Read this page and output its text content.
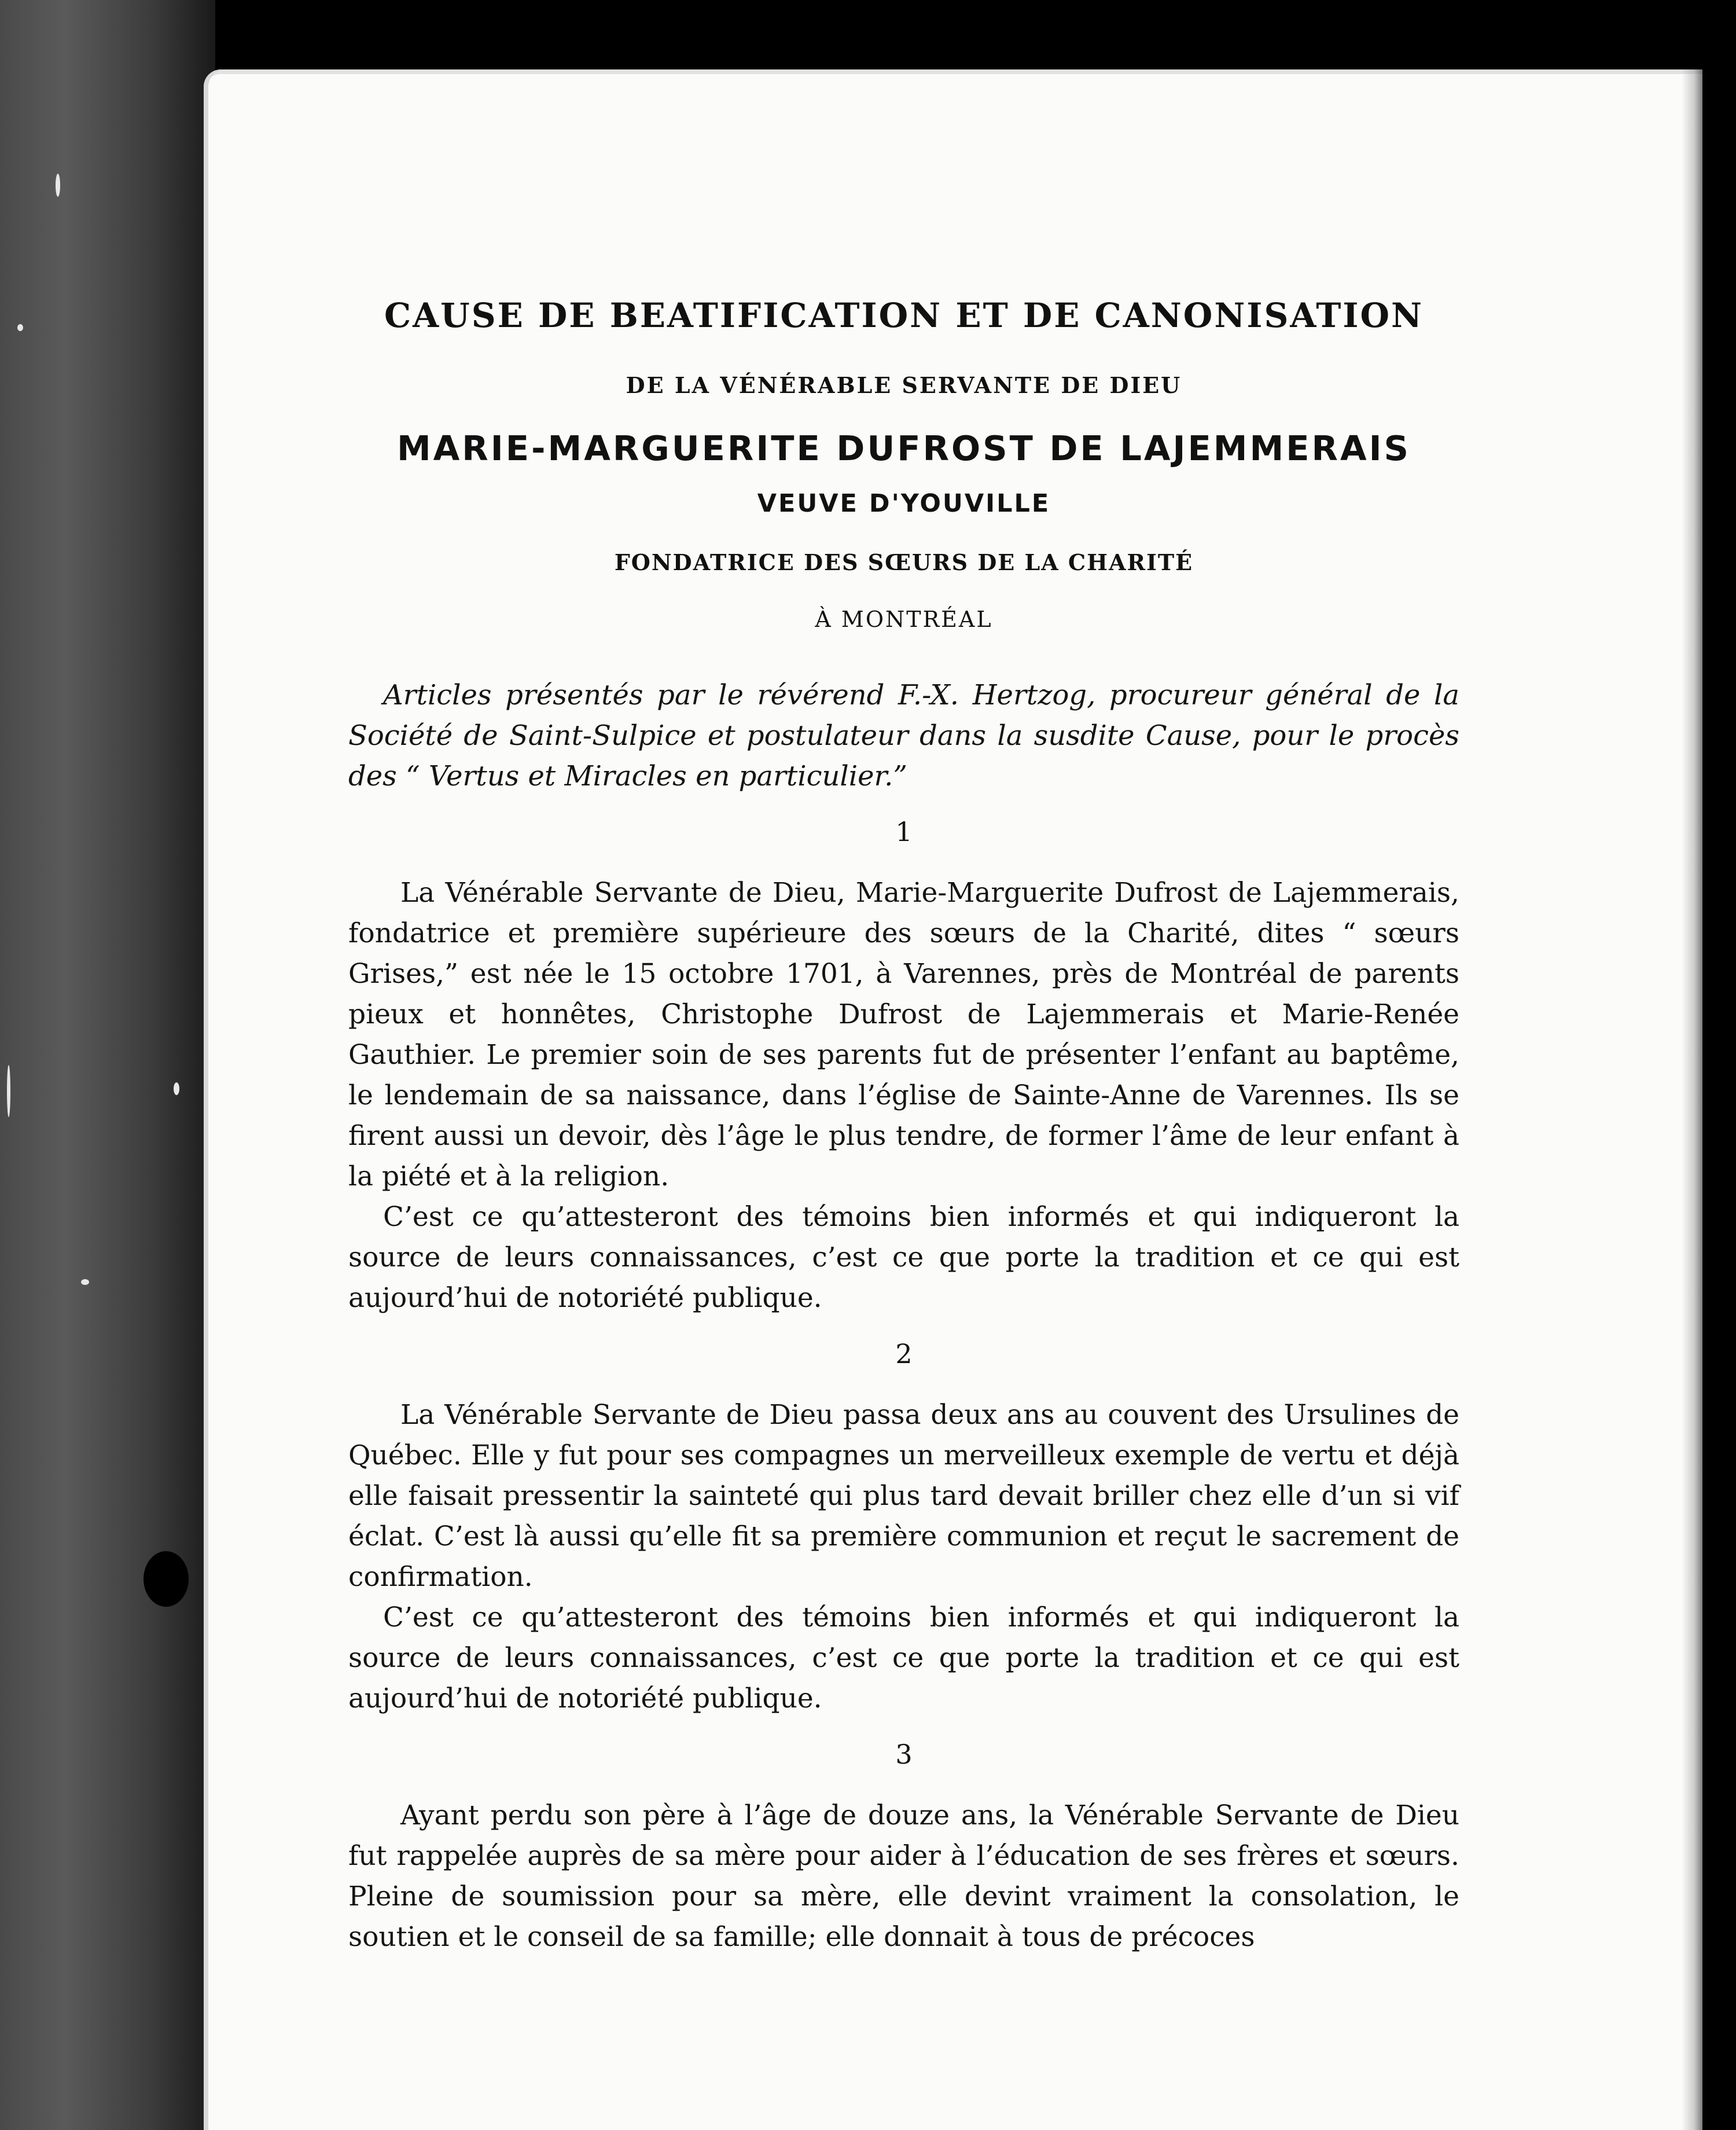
CAUSE DE BEATIFICATION ET DE CANONISATION

DE LA VÉNÉRABLE SERVANTE DE DIEU

MARIE-MARGUERITE DUFROST DE LAJEMMERAIS

VEUVE D'YOUVILLE

FONDATRICE DES SŒURS DE LA CHARITÉ

À MONTRÉAL

Articles présentés par le révérend F.-X. Hertzog, procureur général de la Société de Saint-Sulpice et postulateur dans la susdite Cause, pour le procès des “ Vertus et Miracles en particulier.”

1

La Vénérable Servante de Dieu, Marie-Marguerite Dufrost de Lajemmerais, fondatrice et première supérieure des sœurs de la Charité, dites “ sœurs Grises,” est née le 15 octobre 1701, à Varennes, près de Montréal de parents pieux et honnêtes, Christophe Dufrost de Lajemmerais et Marie-Renée Gauthier. Le premier soin de ses parents fut de présenter l’enfant au baptême, le lendemain de sa naissance, dans l’église de Sainte-Anne de Varennes. Ils se firent aussi un devoir, dès l’âge le plus tendre, de former l’âme de leur enfant à la piété et à la religion.

C’est ce qu’attesteront des témoins bien informés et qui indiqueront la source de leurs connaissances, c’est ce que porte la tradition et ce qui est aujourd’hui de notoriété publique.

2

La Vénérable Servante de Dieu passa deux ans au couvent des Ursulines de Québec. Elle y fut pour ses compagnes un merveilleux exemple de vertu et déjà elle faisait pressentir la sainteté qui plus tard devait briller chez elle d’un si vif éclat. C’est là aussi qu’elle fit sa première communion et reçut le sacrement de confirmation.

C’est ce qu’attesteront des témoins bien informés et qui indiqueront la source de leurs connaissances, c’est ce que porte la tradition et ce qui est aujourd’hui de notoriété publique.

3

Ayant perdu son père à l’âge de douze ans, la Vénérable Servante de Dieu fut rappelée auprès de sa mère pour aider à l’éducation de ses frères et sœurs. Pleine de soumission pour sa mère, elle devint vraiment la consolation, le soutien et le conseil de sa famille; elle donnait à tous de précoces
